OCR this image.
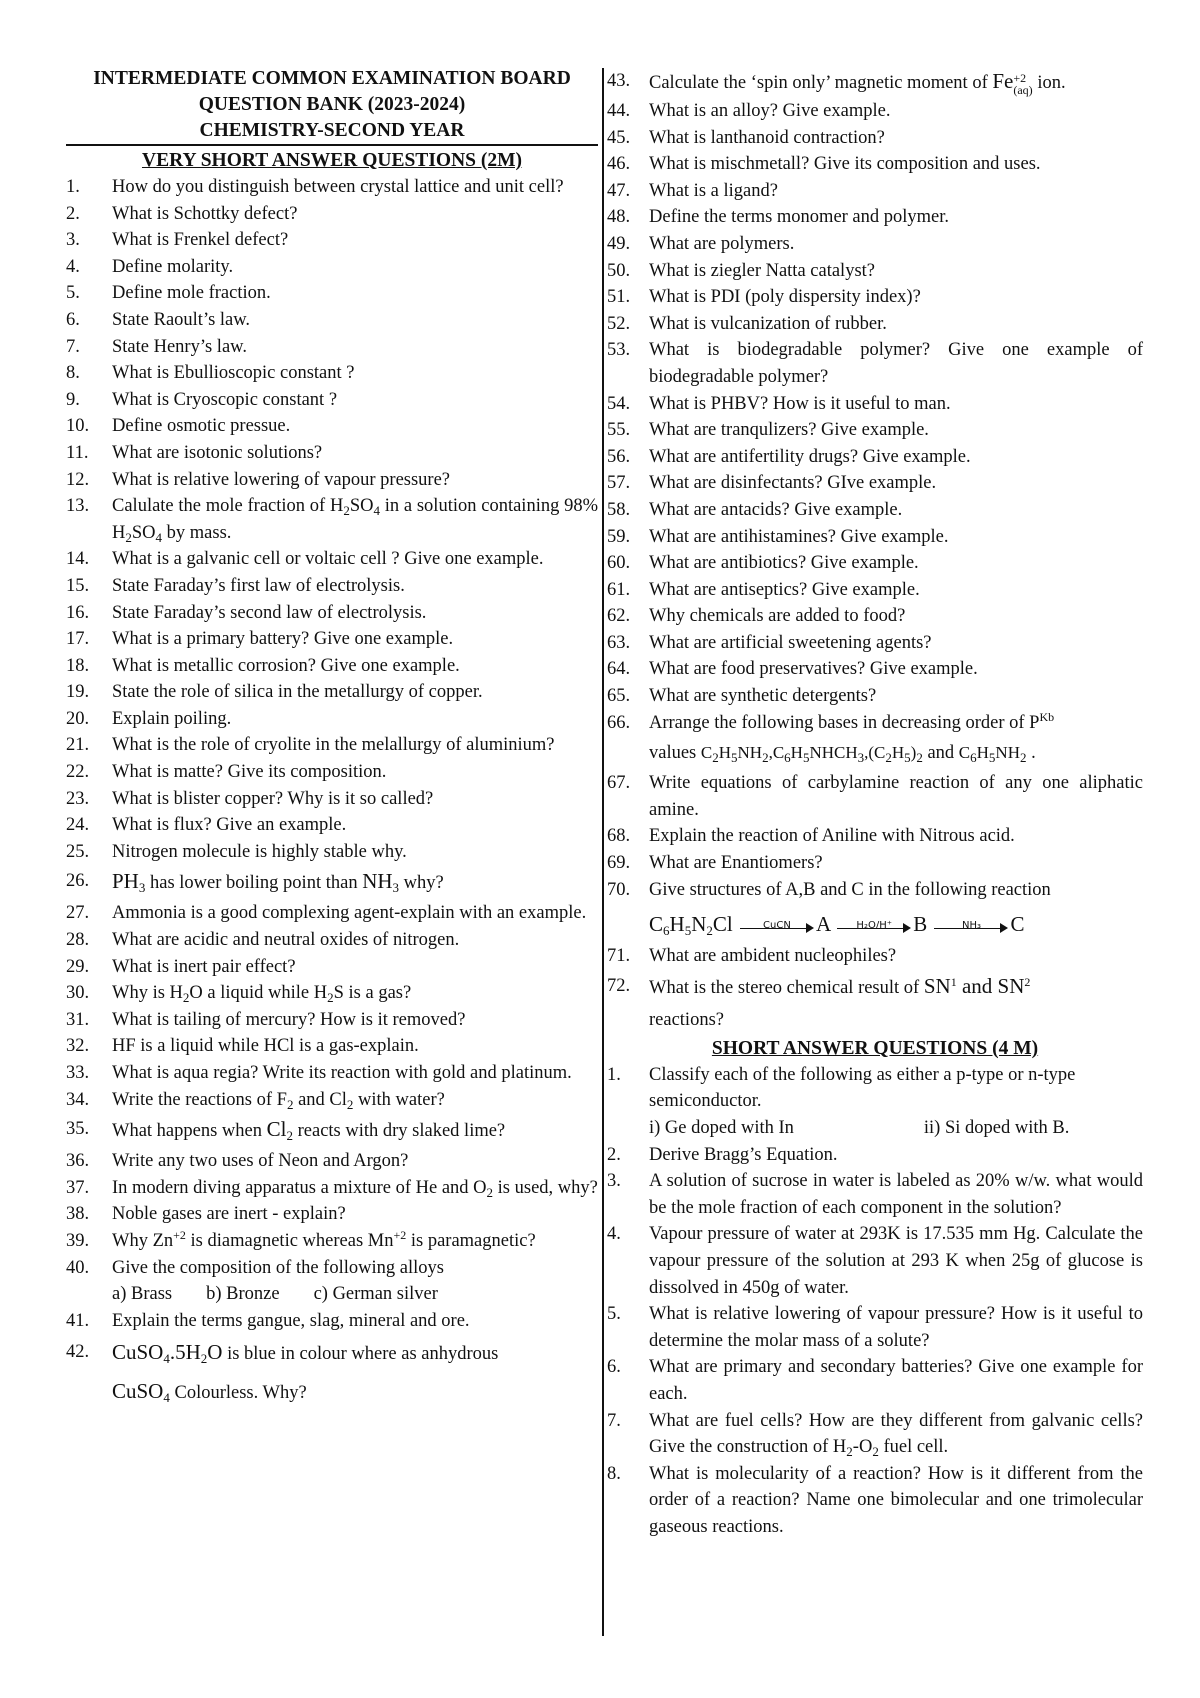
INTERMEDIATE COMMON EXAMINATION BOARD
QUESTION BANK (2023-2024)
CHEMISTRY-SECOND YEAR
VERY SHORT ANSWER QUESTIONS (2M)
1.	How do you distinguish between crystal lattice and unit cell?
2.	What is Schottky defect?
3.	What is Frenkel defect?
4.	Define molarity.
5.	Define mole fraction.
6.	State Raoult’s law.
7.	State Henry’s law.
8.	What is Ebullioscopic constant ?
9.	What is Cryoscopic constant ?
10.	Define osmotic pressue.
11.	What are isotonic solutions?
12.	What is relative lowering of vapour pressure?
13.	Calulate the mole fraction of $H_2SO_4$ in a solution containing 98% $H_2SO_4$ by mass.
14.	What is a galvanic cell or voltaic cell ? Give one example.
15.	State Faraday’s first law of electrolysis.
16.	State Faraday’s second law of electrolysis.
17.	What is a primary battery? Give one example.
18.	What is metallic corrosion? Give one example.
19.	State the role of silica in the metallurgy of copper.
20.	Explain poiling.
21.	What is the role of cryolite in the melallurgy of aluminium?
22.	What is matte? Give its composition.
23.	What is blister copper? Why is it so called?
24.	What is flux? Give an example.
25.	Nitrogen molecule is highly stable why.
26.	$PH_3$ has lower boiling point than $NH_3$ why?
27.	Ammonia is a good complexing agent-explain with an example.
28.	What are acidic and neutral oxides of nitrogen.
29.	What is inert pair effect?
30.	Why is $H_2O$ a liquid while $H_2S$ is a gas?
31.	What is tailing of mercury? How is it removed?
32.	HF is a liquid while HCl is a gas-explain.
33.	What is aqua regia? Write its reaction with gold and platinum.
34.	Write the reactions of $F_2$ and $Cl_2$ with water?
35.	What happens when $Cl_2$ reacts with dry slaked lime?
36.	Write any two uses of Neon and Argon?
37.	In modern diving apparatus a mixture of He and $O_2$ is used, why?
38.	Noble gases are inert - explain?
39.	Why $Zn^{+2}$ is diamagnetic whereas $Mn^{+2}$ is paramagnetic?
40.	Give the composition of the following alloys
a) Brass b) Bronze c) German silver
41.	Explain the terms gangue, slag, mineral and ore.
42.	$CuSO_4.5H_2O$ is blue in colour where as anhydrous
CuSO$_4$ Colourless. Why?
43.	Calculate the ‘spin only’ magnetic moment of Fe +2
(aq) ion.
44.	What is an alloy? Give example.
45.	What is lanthanoid contraction?
46.	What is mischmetall? Give its composition and uses.
47.	What is a ligand?
48.	Define the terms monomer and polymer.
49.	What are polymers.
50.	What is ziegler Natta catalyst?
51.	What is PDI (poly dispersity index)?
52.	What is vulcanization of rubber.
53.	What is biodegradable polymer? Give one example of biodegradable polymer?
54.	What is PHBV? How is it useful to man.
55.	What are tranqulizers? Give example.
56.	What are antifertility drugs? Give example.
57.	What are disinfectants? GIve example.
58.	What are antacids? Give example.
59.	What are antihistamines? Give example.
60.	What are antibiotics? Give example.
61.	What are antiseptics? Give example.
62.	Why chemicals are added to food?
63.	What are artificial sweetening agents?
64.	What are food preservatives? Give example.
65.	What are synthetic detergents?
66.	Arrange the following bases in decreasing order of $P^{Kb}$
values $C_2H_5NH_2,C_6H_5NHCH_3,(C_2H_5)_2$ and $C_6H_5NH_2$ .
67.	Write equations of carbylamine reaction of any one aliphatic amine.
68.	Explain the reaction of Aniline with Nitrous acid.
69.	What are Enantiomers?
70.	Give structures of A,B and C in the following reaction
C6H5N2Cl	CuCN	A	H₂O/H⁺	B	NH₃	C
71.	What are ambident nucleophiles?
72.	What is the stereo chemical result of $SN^1$ and $SN^2$
reactions?
SHORT ANSWER QUESTIONS (4 M)
1.	Classify each of the following as either a p-type or n-type semiconductor.
i) Ge doped with In	ii) Si doped with B.
2.	Derive Bragg’s Equation.
3.	A solution of sucrose in water is labeled as 20% w/w. what would be the mole fraction of each component in the solution?
4.	Vapour pressure of water at 293K is 17.535 mm Hg. Calculate the vapour pressure of the solution at 293 K when 25g of glucose is dissolved in 450g of water.
5.	What is relative lowering of vapour pressure? How is it useful to determine the molar mass of a solute?
6.	What are primary and secondary batteries? Give one example for each.
7.	What are fuel cells? How are they different from galvanic cells? Give the construction of $H_2-O_2$ fuel cell.
8.	What is molecularity of a reaction? How is it different from the order of a reaction? Name one bimolecular and one trimolecular gaseous reactions.
